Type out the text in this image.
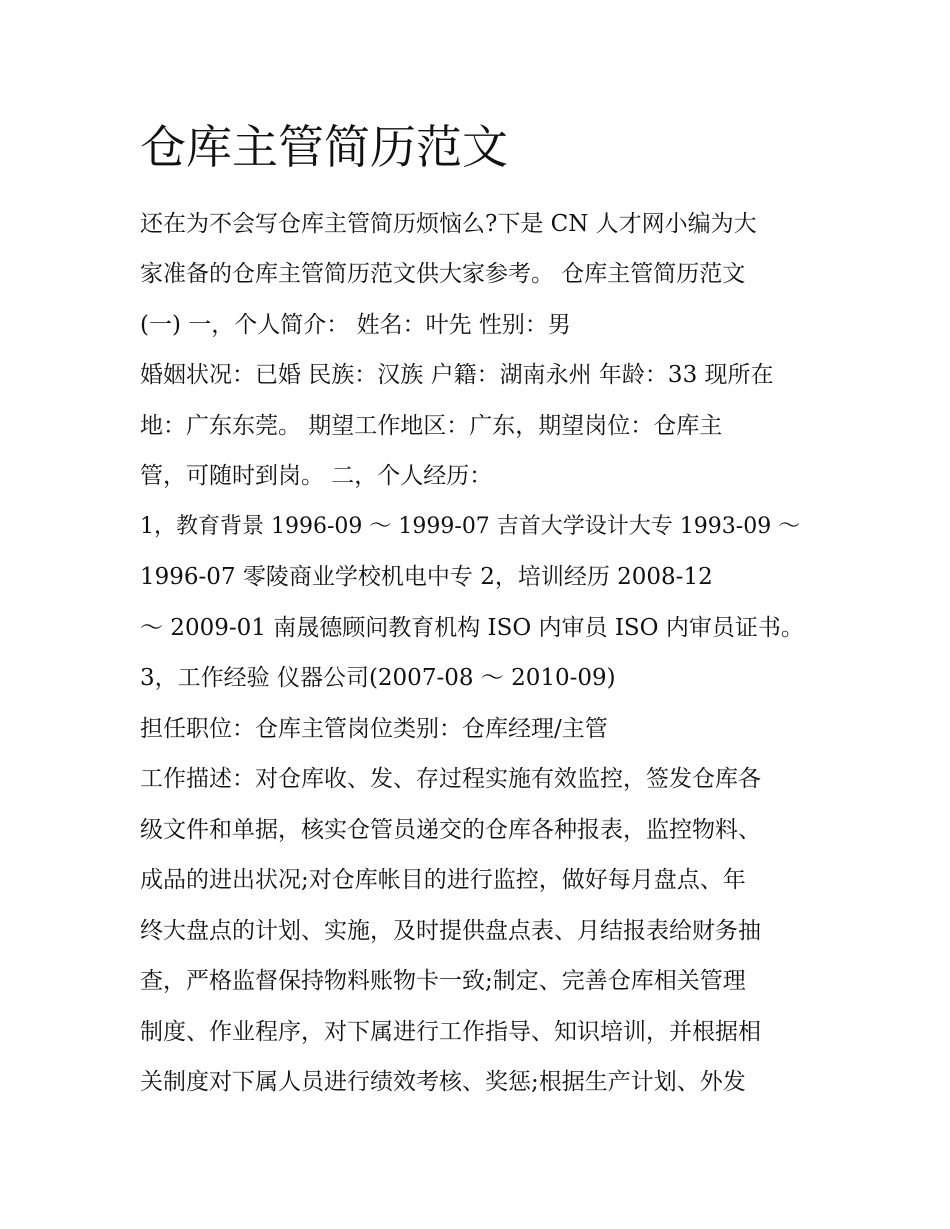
仓库主管简历范文

还在为不会写仓库主管简历烦恼么?下是 CN 人才网小编为大

家准备的仓库主管简历范文供大家参考。 仓库主管简历范文

(一) 一，个人简介： 姓名：叶先 性别：男

婚姻状况：已婚 民族：汉族 户籍：湖南永州 年龄：33 现所在

地：广东东莞。 期望工作地区：广东，期望岗位：仓库主

管，可随时到岗。 二，个人经历：

1，教育背景 1996-09 ～ 1999-07 吉首大学设计大专 1993-09 ～

1996-07 零陵商业学校机电中专 2，培训经历 2008-12

～ 2009-01 南晟德顾问教育机构 ISO 内审员 ISO 内审员证书。

3，工作经验 仪器公司(2007-08 ～ 2010-09)

担任职位：仓库主管岗位类别：仓库经理/主管

工作描述：对仓库收、发、存过程实施有效监控，签发仓库各

级文件和单据，核实仓管员递交的仓库各种报表，监控物料、

成品的进出状况;对仓库帐目的进行监控，做好每月盘点、年

终大盘点的计划、实施，及时提供盘点表、月结报表给财务抽

查，严格监督保持物料账物卡一致;制定、完善仓库相关管理

制度、作业程序，对下属进行工作指导、知识培训，并根据相

关制度对下属人员进行绩效考核、奖惩;根据生产计划、外发
